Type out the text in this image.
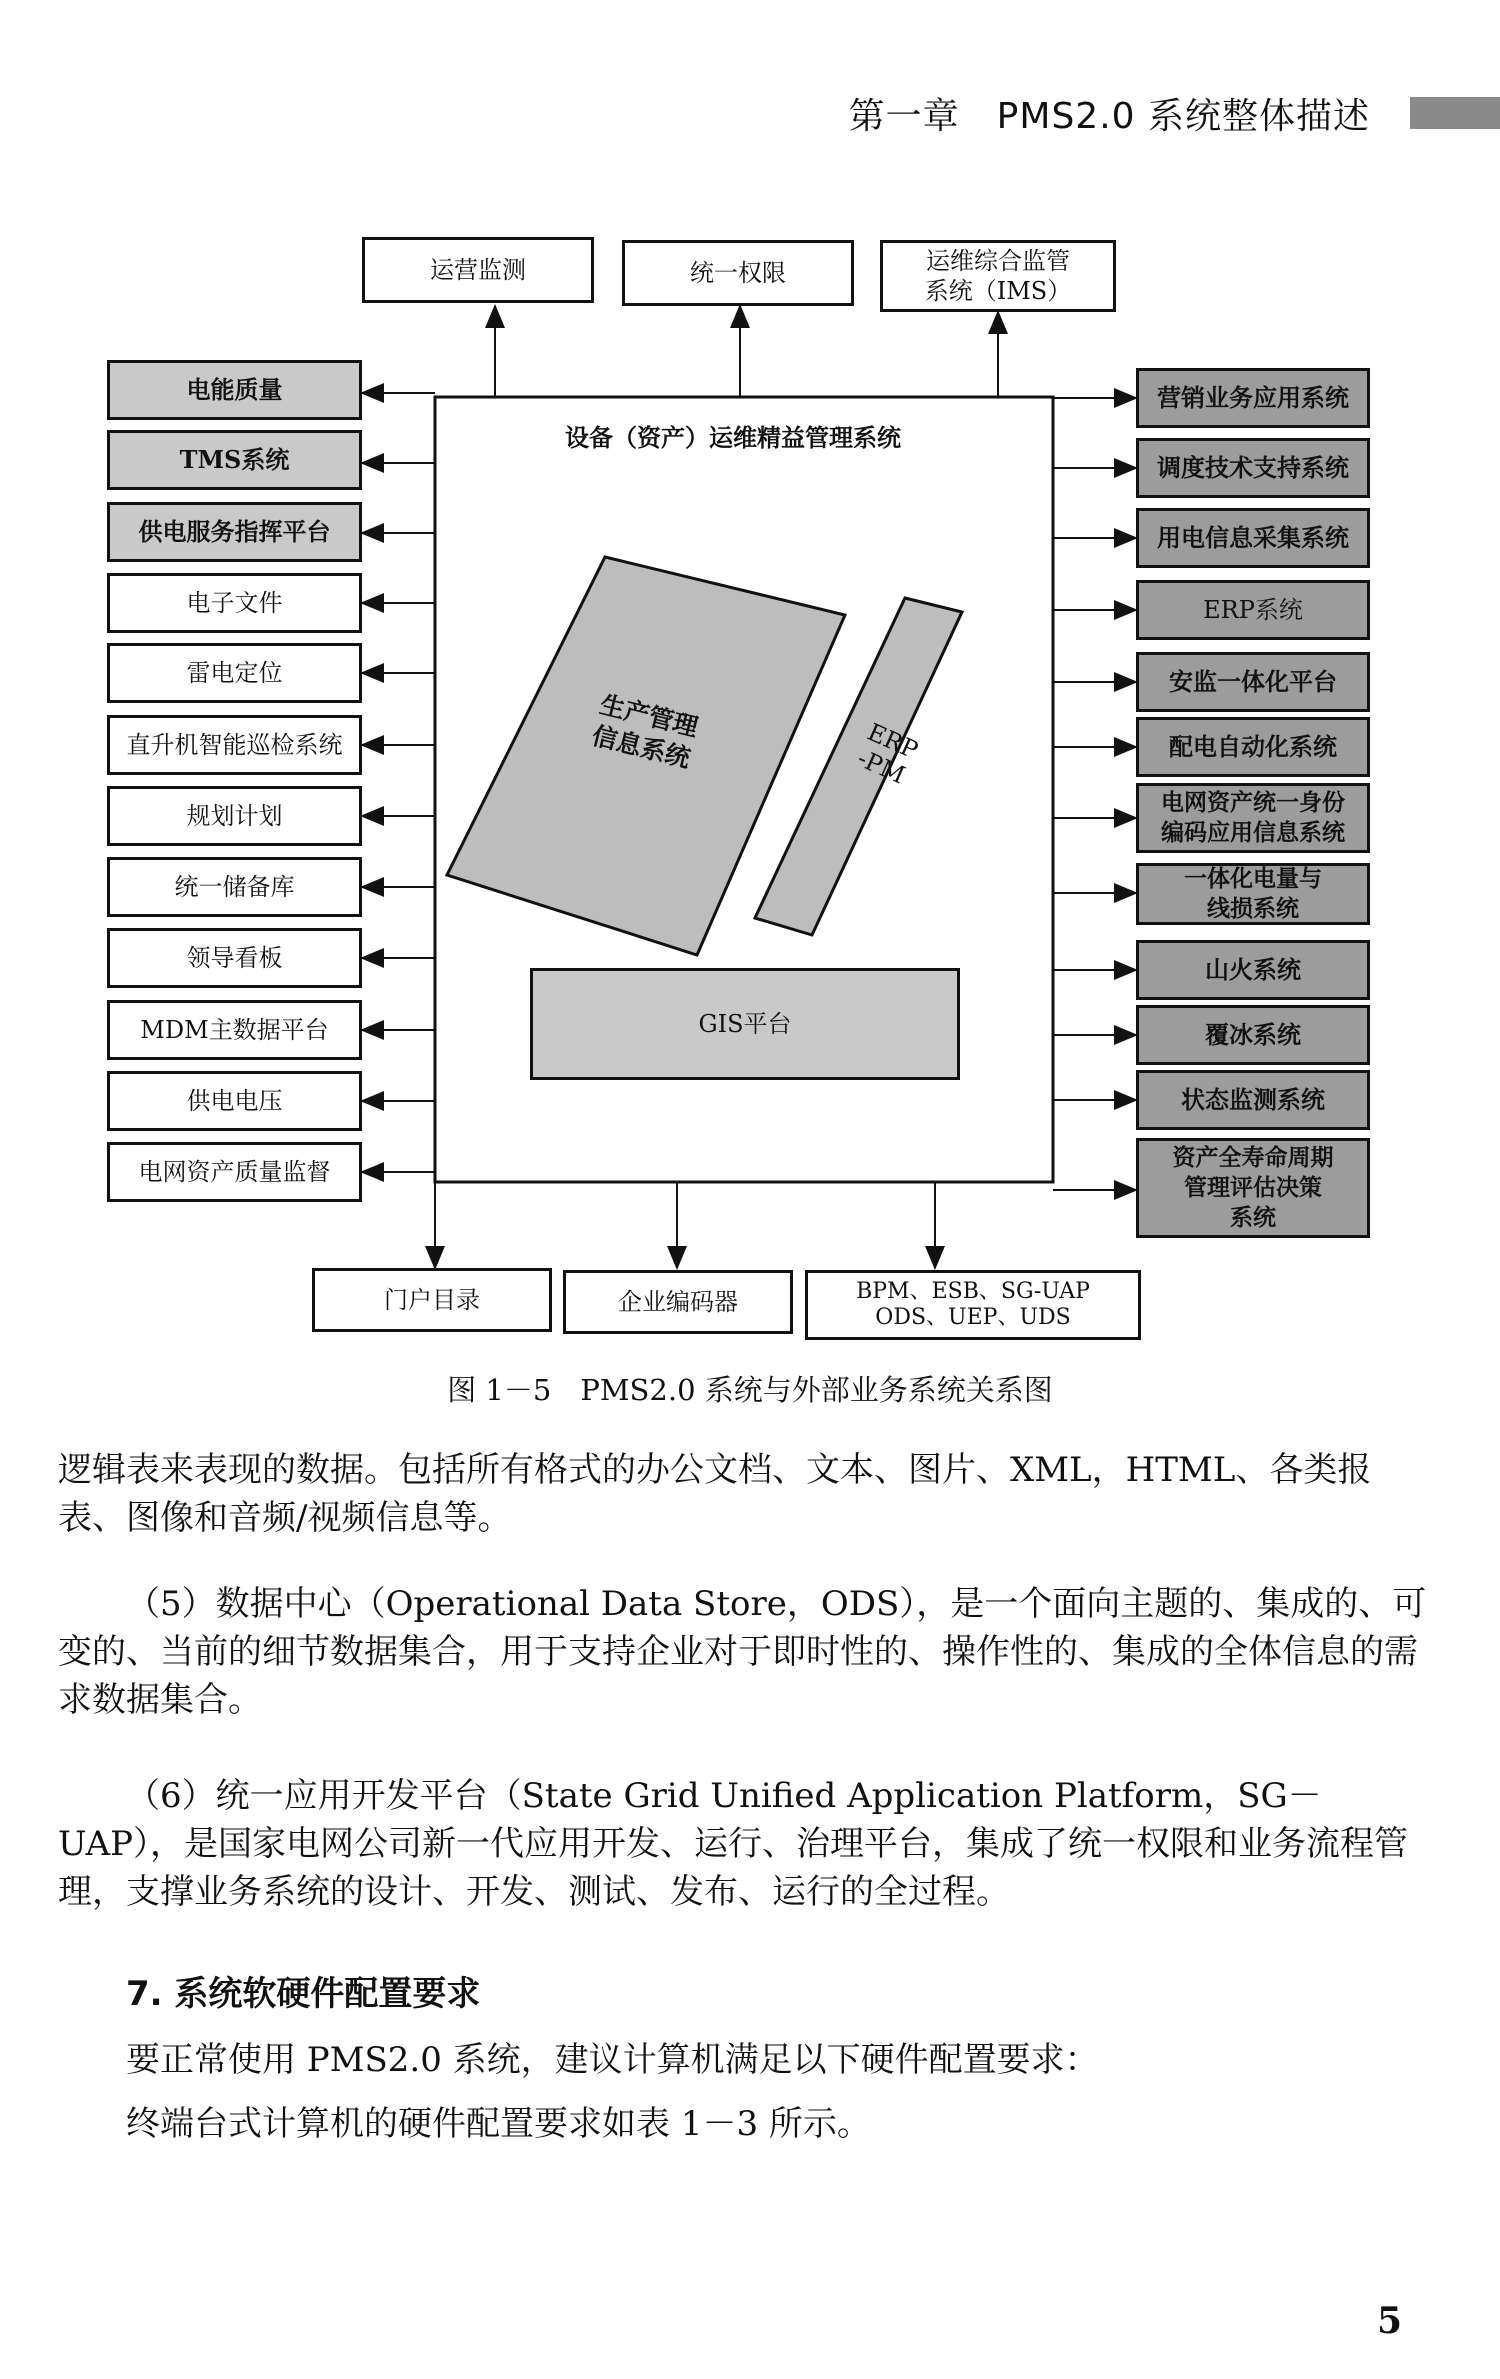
第一章　PMS2.0 系统整体描述
运营监测	统一权限	运维综合监管
系统（IMS）
设备（资产）运维精益管理系统
生产管理
信息系统	ERP
-PM
GIS平台
电能质量
TMS系统
供电服务指挥平台
电子文件
雷电定位
直升机智能巡检系统
规划计划
统一储备库
领导看板
MDM主数据平台
供电电压
电网资产质量监督
营销业务应用系统
调度技术支持系统
用电信息采集系统
ERP系统
安监一体化平台
配电自动化系统
电网资产统一身份
编码应用信息系统
一体化电量与
线损系统
山火系统
覆冰系统
状态监测系统
资产全寿命周期
管理评估决策
系统
门户目录	企业编码器	BPM、ESB、SG-UAP
ODS、UEP、UDS
图 1－5　PMS2.0 系统与外部业务系统关系图
逻辑表来表现的数据。包括所有格式的办公文档、文本、图片、XML，HTML、各类报表、图像和音频/视频信息等。
（5）数据中心（Operational Data Store，ODS），是一个面向主题的、集成的、可变的、当前的细节数据集合，用于支持企业对于即时性的、操作性的、集成的全体信息的需求数据集合。
（6）统一应用开发平台（State Grid Unified Application Platform，SG－UAP），是国家电网公司新一代应用开发、运行、治理平台，集成了统一权限和业务流程管理，支撑业务系统的设计、开发、测试、发布、运行的全过程。
7. 系统软硬件配置要求
要正常使用 PMS2.0 系统，建议计算机满足以下硬件配置要求：
终端台式计算机的硬件配置要求如表 1－3 所示。
5
